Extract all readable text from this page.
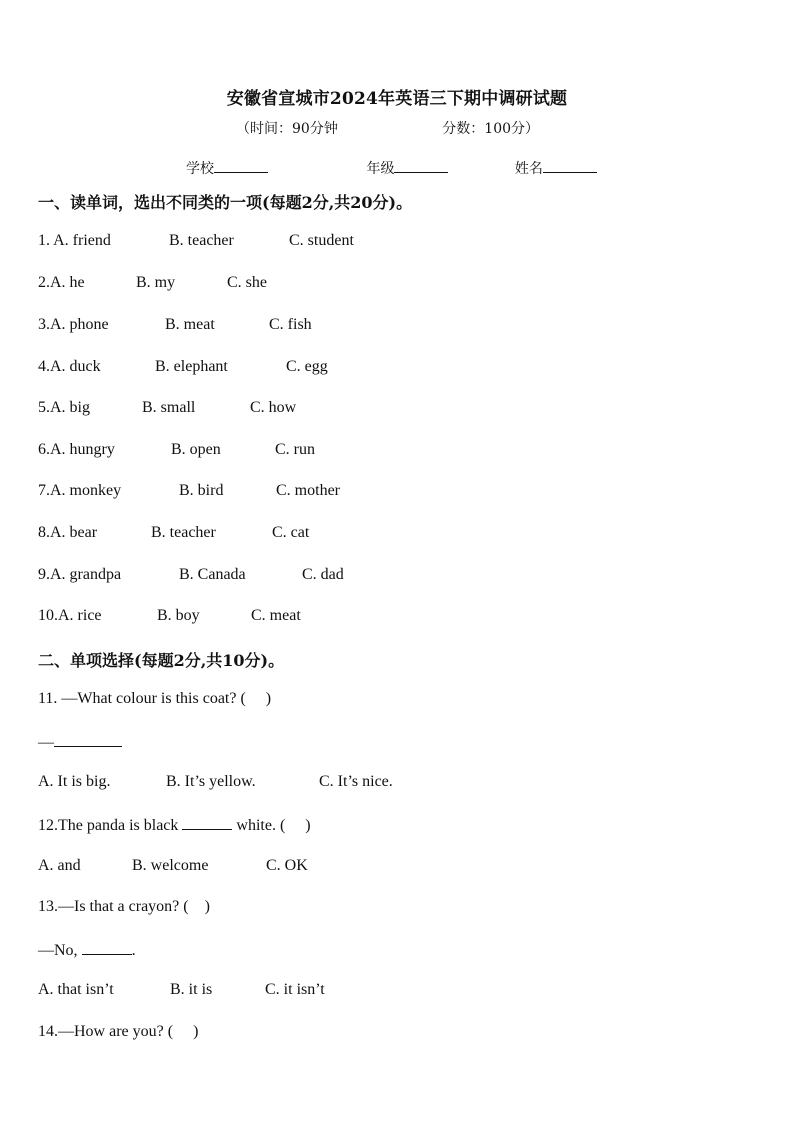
安徽省宣城市2024年英语三下期中调研试题
（时间：90分钟	分数：100分）
学校	年级	姓名
一、读单词，选出不同类的一项(每题2分,共20分)。
1. A. friend	B. teacher	C. student
2.A. he	B. my	C. she
3.A. phone	B. meat	C. fish
4.A. duck	B. elephant	C. egg
5.A. big	B. small	C. how
6.A. hungry	B. open	C. run
7.A. monkey	B. bird	C. mother
8.A. bear	B. teacher	C. cat
9.A. grandpa	B. Canada	C. dad
10.A. rice	B. boy	C. meat
二、单项选择(每题2分,共10分)。
11. —What colour is this coat? (     )
—
A. It is big.	B. It’s yellow.	C. It’s nice.
12.The panda is black	white. (     )
A. and	B. welcome	C. OK
13.—Is that a crayon? (    )
—No,	.
A. that isn’t	B. it is	C. it isn’t
14.—How are you? (     )
